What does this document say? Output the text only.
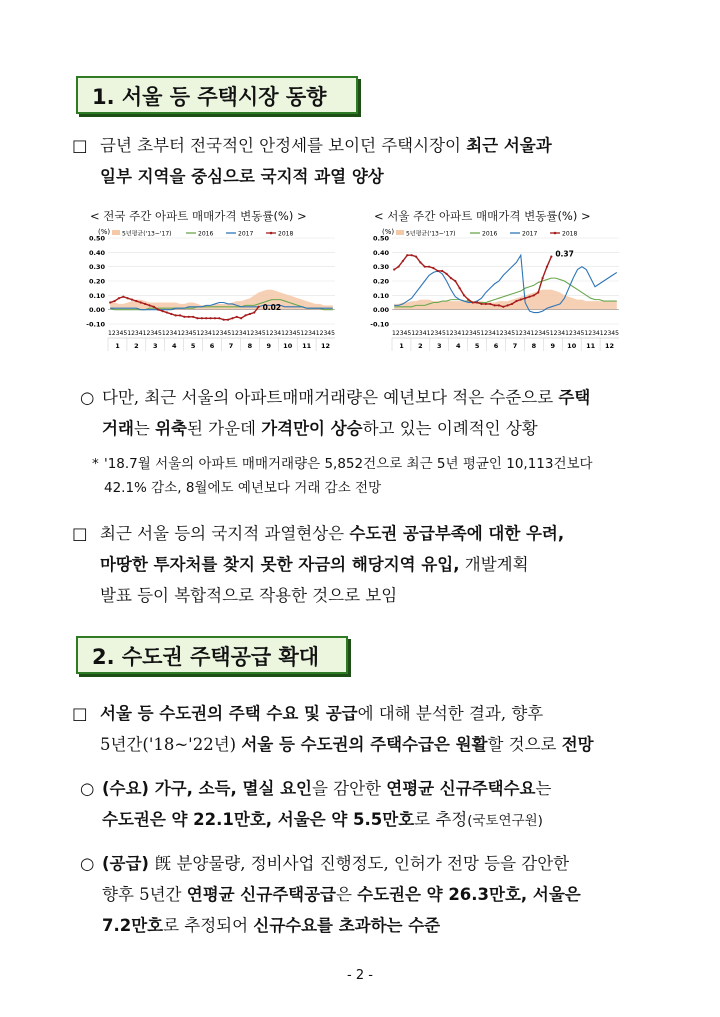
1. 서울 등 주택시장 동향
□ 금년 초부터 전국적인 안정세를 보이던 주택시장이 최근 서울과
일부 지역을 중심으로 국지적 과열 양상
< 전국 주간 아파트 매매가격 변동률(%) >	< 서울 주간 아파트 매매가격 변동률(%) >
(%)
0.50
0.40
0.30
0.20
0.10
0.00
-0.10
0.02
5년평균('13~'17)	2016	2017	2018
12345123412345123412345123412345123412345123412345123412345
1 2 3 4 5 6 7 8 9 10 11 12
(%)
0.50
0.40
0.30
0.20
0.10
0.00
-0.10
0.37
5년평균('13~'17)	2016	2017	2018
12345123412345123412345123412345123412345123412345123412345
1 2 3 4 5 6 7 8 9 10 11 12
○ 다만, 최근 서울의 아파트매매거래량은 예년보다 적은 수준으로 주택
거래는 위축된 가운데 가격만이 상승하고 있는 이례적인 상황
* '18.7월 서울의 아파트 매매거래량은 5,852건으로 최근 5년 평균인 10,113건보다
42.1% 감소, 8월에도 예년보다 거래 감소 전망
□ 최근 서울 등의 국지적 과열현상은 수도권 공급부족에 대한 우려,
마땅한 투자처를 찾지 못한 자금의 해당지역 유입, 개발계획
발표 등이 복합적으로 작용한 것으로 보임
2. 수도권 주택공급 확대
□ 서울 등 수도권의 주택 수요 및 공급에 대해 분석한 결과, 향후
5년간('18~'22년) 서울 등 수도권의 주택수급은 원활할 것으로 전망
○ (수요) 가구, 소득, 멸실 요인을 감안한 연평균 신규주택수요는
수도권은 약 22.1만호, 서울은 약 5.5만호로 추정(국토연구원)
○ (공급) 旣 분양물량, 정비사업 진행정도, 인허가 전망 등을 감안한
향후 5년간 연평균 신규주택공급은 수도권은 약 26.3만호, 서울은
7.2만호로 추정되어 신규수요를 초과하는 수준
- 2 -
